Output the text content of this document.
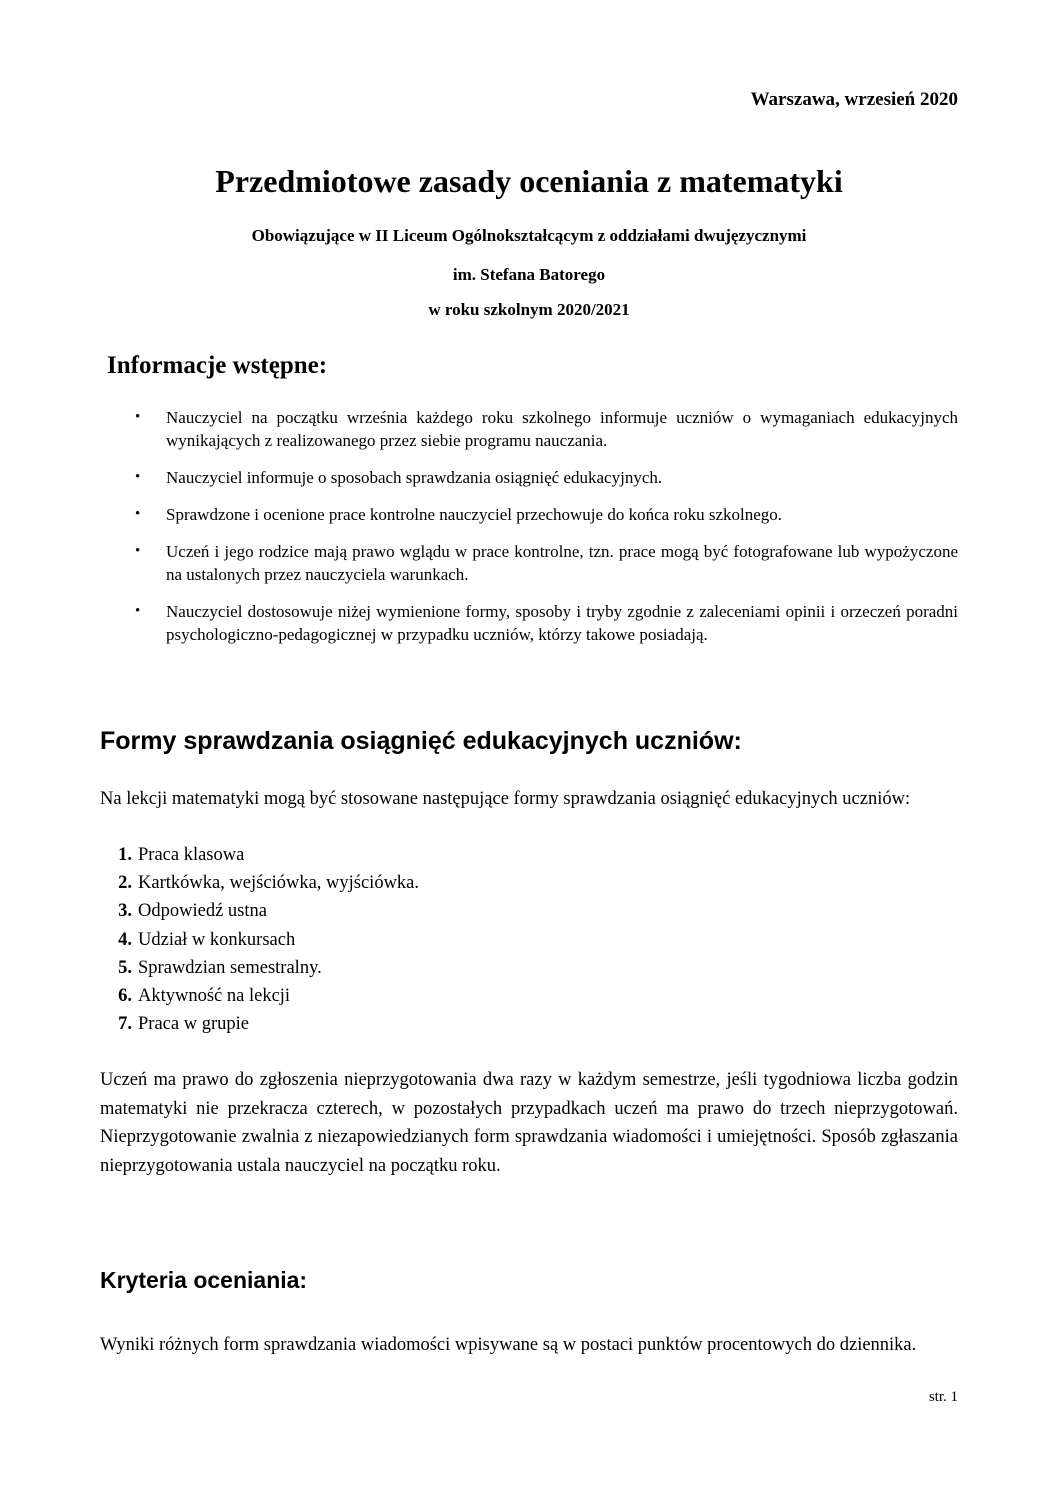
Warszawa, wrzesień 2020
Przedmiotowe zasady oceniania z matematyki

Obowiązujące w II Liceum Ogólnokształcącym z oddziałami dwujęzycznymi

im. Stefana Batorego

w roku szkolnym 2020/2021

Informacje wstępne:
• Nauczyciel na początku września każdego roku szkolnego informuje uczniów o wymaganiach edukacyjnych wynikających z realizowanego przez siebie programu nauczania.
• Nauczyciel informuje o sposobach sprawdzania osiągnięć edukacyjnych.
• Sprawdzone i ocenione prace kontrolne nauczyciel przechowuje do końca roku szkolnego.
• Uczeń i jego rodzice mają prawo wglądu w prace kontrolne, tzn. prace mogą być fotografowane lub wypożyczone na ustalonych przez nauczyciela warunkach.
• Nauczyciel dostosowuje niżej wymienione formy, sposoby i tryby zgodnie z zaleceniami opinii i orzeczeń poradni psychologiczno-pedagogicznej w przypadku uczniów, którzy takowe posiadają.
Formy sprawdzania osiągnięć edukacyjnych uczniów:

Na lekcji matematyki mogą być stosowane następujące formy sprawdzania osiągnięć edukacyjnych uczniów:

1. Praca klasowa
2. Kartkówka, wejściówka, wyjściówka.
3. Odpowiedź ustna
4. Udział w konkursach
5. Sprawdzian semestralny.
6. Aktywność na lekcji
7. Praca w grupie

Uczeń ma prawo do zgłoszenia nieprzygotowania dwa razy w każdym semestrze, jeśli tygodniowa liczba godzin matematyki nie przekracza czterech, w pozostałych przypadkach uczeń ma prawo do trzech nieprzygotowań. Nieprzygotowanie zwalnia z niezapowiedzianych form sprawdzania wiadomości i umiejętności. Sposób zgłaszania nieprzygotowania ustala nauczyciel na początku roku.

Kryteria oceniania:

Wyniki różnych form sprawdzania wiadomości wpisywane są w postaci punktów procentowych do dziennika.

str. 1
